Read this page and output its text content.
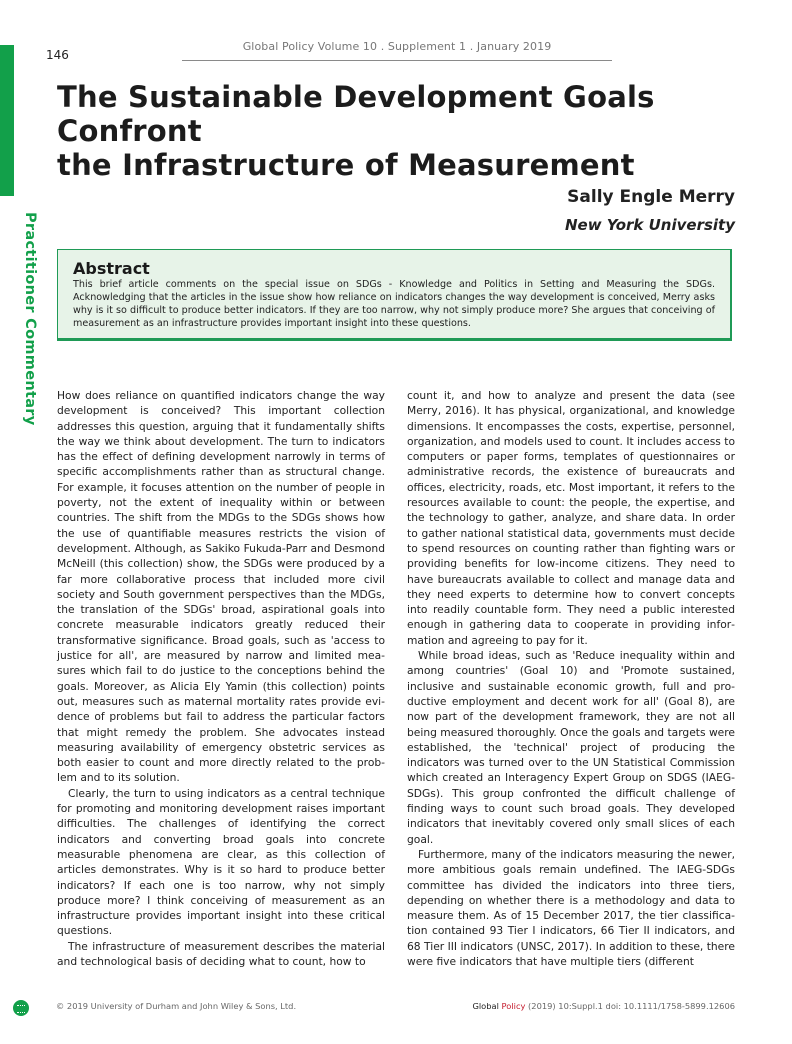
Practitioner Commentary
146
Global Policy Volume 10 . Supplement 1 . January 2019
The Sustainable Development Goals Confront
the Infrastructure of Measurement
Sally Engle Merry
New York University
Abstract

This brief article comments on the special issue on SDGs - Knowledge and Politics in Setting and Measuring the SDGs. Acknowledging that the articles in the issue show how reliance on indicators changes the way development is conceived, Merry asks why is it so difficult to produce better indicators. If they are too narrow, why not simply produce more? She argues that conceiving of measurement as an infrastructure provides important insight into these questions.

How does reliance on quantified indicators change the way development is conceived? This important collection addresses this question, arguing that it fundamentally shifts the way we think about development. The turn to indicators has the effect of defining development narrowly in terms of specific accomplishments rather than as structural change. For example, it focuses attention on the number of people in poverty, not the extent of inequality within or between countries. The shift from the MDGs to the SDGs shows how the use of quantifiable measures restricts the vision of development. Although, as Sakiko Fukuda-Parr and Desmond McNeill (this collection) show, the SDGs were produced by a far more collaborative process that included more civil society and South government perspectives than the MDGs, the translation of the SDGs' broad, aspirational goals into concrete measurable indicators greatly reduced their transformative significance. Broad goals, such as 'access to justice for all', are measured by narrow and limited measures which fail to do justice to the conceptions behind the goals. Moreover, as Alicia Ely Yamin (this collection) points out, measures such as maternal mortality rates provide evidence of problems but fail to address the particular factors that might remedy the problem. She advocates instead measuring availability of emergency obstetric services as both easier to count and more directly related to the problem and to its solution.

Clearly, the turn to using indicators as a central technique for promoting and monitoring development raises important difficulties. The challenges of identifying the correct indicators and converting broad goals into concrete measurable phenomena are clear, as this collection of articles demonstrates. Why is it so hard to produce better indicators? If each one is too narrow, why not simply produce more? I think conceiving of measurement as an infrastructure provides important insight into these critical questions.

The infrastructure of measurement describes the material and technological basis of deciding what to count, how to

count it, and how to analyze and present the data (see Merry, 2016). It has physical, organizational, and knowledge dimensions. It encompasses the costs, expertise, personnel, organization, and models used to count. It includes access to computers or paper forms, templates of questionnaires or administrative records, the existence of bureaucrats and offices, electricity, roads, etc. Most important, it refers to the resources available to count: the people, the expertise, and the technology to gather, analyze, and share data. In order to gather national statistical data, governments must decide to spend resources on counting rather than fighting wars or providing benefits for low-income citizens. They need to have bureaucrats available to collect and manage data and they need experts to determine how to convert concepts into readily countable form. They need a public interested enough in gathering data to cooperate in providing information and agreeing to pay for it.

While broad ideas, such as 'Reduce inequality within and among countries' (Goal 10) and 'Promote sustained, inclusive and sustainable economic growth, full and productive employment and decent work for all' (Goal 8), are now part of the development framework, they are not all being measured thoroughly. Once the goals and targets were established, the 'technical' project of producing the indicators was turned over to the UN Statistical Commission which created an Interagency Expert Group on SDGS (IAEG-SDGs). This group confronted the difficult challenge of finding ways to count such broad goals. They developed indicators that inevitably covered only small slices of each goal.

Furthermore, many of the indicators measuring the newer, more ambitious goals remain undefined. The IAEG-SDGs committee has divided the indicators into three tiers, depending on whether there is a methodology and data to measure them. As of 15 December 2017, the tier classification contained 93 Tier I indicators, 66 Tier II indicators, and 68 Tier III indicators (UNSC, 2017). In addition to these, there were five indicators that have multiple tiers (different

© 2019 University of Durham and John Wiley & Sons, Ltd.	Global Policy (2019) 10:Suppl.1 doi: 10.1111/1758-5899.12606
